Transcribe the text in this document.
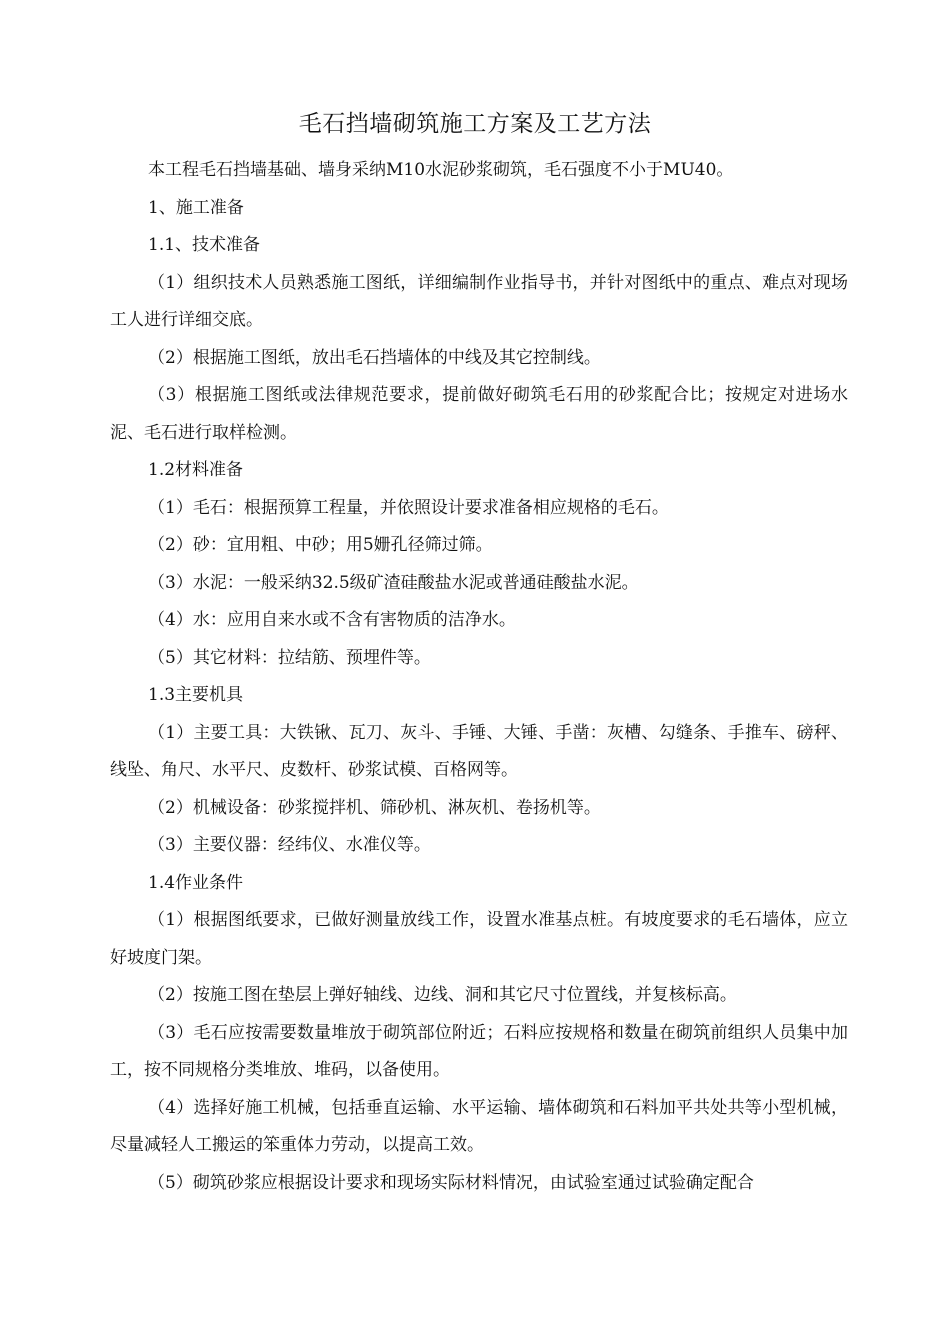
毛石挡墙砌筑施工方案及工艺方法

本工程毛石挡墙基础、墙身采纳M10水泥砂浆砌筑，毛石强度不小于MU40。

1、施工准备

1.1、技术准备

（1）组织技术人员熟悉施工图纸，详细编制作业指导书，并针对图纸中的重点、难点对现场工人进行详细交底。

（2）根据施工图纸，放出毛石挡墙体的中线及其它控制线。

（3）根据施工图纸或法律规范要求，提前做好砌筑毛石用的砂浆配合比；按规定对进场水泥、毛石进行取样检测。

1.2材料准备

（1）毛石：根据预算工程量，并依照设计要求准备相应规格的毛石。

（2）砂：宜用粗、中砂；用5姗孔径筛过筛。

（3）水泥：一般采纳32.5级矿渣硅酸盐水泥或普通硅酸盐水泥。

（4）水：应用自来水或不含有害物质的洁净水。

（5）其它材料：拉结筋、预埋件等。

1.3主要机具

（1）主要工具：大铁锹、瓦刀、灰斗、手锤、大锤、手凿：灰槽、勾缝条、手推车、磅秤、线坠、角尺、水平尺、皮数杆、砂浆试模、百格网等。

（2）机械设备：砂浆搅拌机、筛砂机、淋灰机、卷扬机等。

（3）主要仪器：经纬仪、水准仪等。

1.4作业条件

（1）根据图纸要求，已做好测量放线工作，设置水准基点桩。有坡度要求的毛石墙体，应立好坡度门架。

（2）按施工图在垫层上弹好轴线、边线、洞和其它尺寸位置线，并复核标高。

（3）毛石应按需要数量堆放于砌筑部位附近；石料应按规格和数量在砌筑前组织人员集中加工，按不同规格分类堆放、堆码，以备使用。

（4）选择好施工机械，包括垂直运输、水平运输、墙体砌筑和石料加平共处共等小型机械，尽量减轻人工搬运的笨重体力劳动，以提高工效。

（5）砌筑砂浆应根据设计要求和现场实际材料情况，由试验室通过试验确定配合
